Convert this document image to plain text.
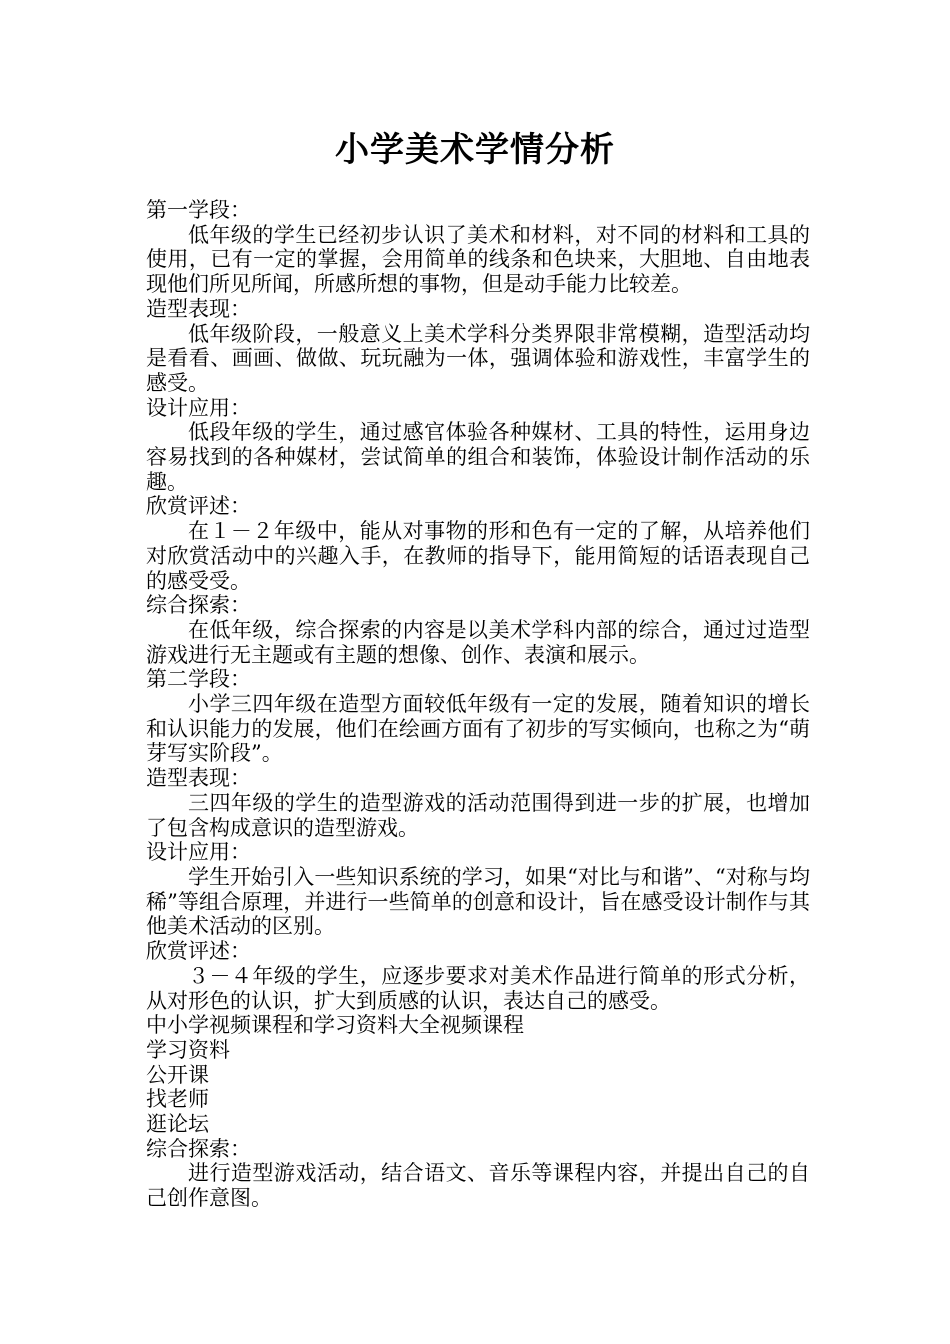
小学美术学情分析

第一学段：

低年级的学生已经初步认识了美术和材料，对不同的材料和工具的使用，已有一定的掌握，会用简单的线条和色块来，大胆地、自由地表现他们所见所闻，所感所想的事物，但是动手能力比较差。

造型表现：

低年级阶段，一般意义上美术学科分类界限非常模糊，造型活动均是看看、画画、做做、玩玩融为一体，强调体验和游戏性，丰富学生的感受。

设计应用：

低段年级的学生，通过感官体验各种媒材、工具的特性，运用身边容易找到的各种媒材，尝试简单的组合和装饰，体验设计制作活动的乐趣。

欣赏评述：

在１－２年级中，能从对事物的形和色有一定的了解，从培养他们对欣赏活动中的兴趣入手，在教师的指导下，能用简短的话语表现自己的感受受。

综合探索：

在低年级，综合探索的内容是以美术学科内部的综合，通过过造型游戏进行无主题或有主题的想像、创作、表演和展示。

第二学段：

小学三四年级在造型方面较低年级有一定的发展，随着知识的增长和认识能力的发展，他们在绘画方面有了初步的写实倾向，也称之为“萌芽写实阶段”。

造型表现：

三四年级的学生的造型游戏的活动范围得到进一步的扩展，也增加了包含构成意识的造型游戏。

设计应用：

学生开始引入一些知识系统的学习，如果“对比与和谐”、“对称与均稀”等组合原理，并进行一些简单的创意和设计，旨在感受设计制作与其他美术活动的区别。

欣赏评述：

３－４年级的学生，应逐步要求对美术作品进行简单的形式分析，从对形色的认识，扩大到质感的认识，表达自己的感受。

中小学视频课程和学习资料大全视频课程

学习资料

公开课

找老师

逛论坛

综合探索：

进行造型游戏活动，结合语文、音乐等课程内容，并提出自己的自己创作意图。
